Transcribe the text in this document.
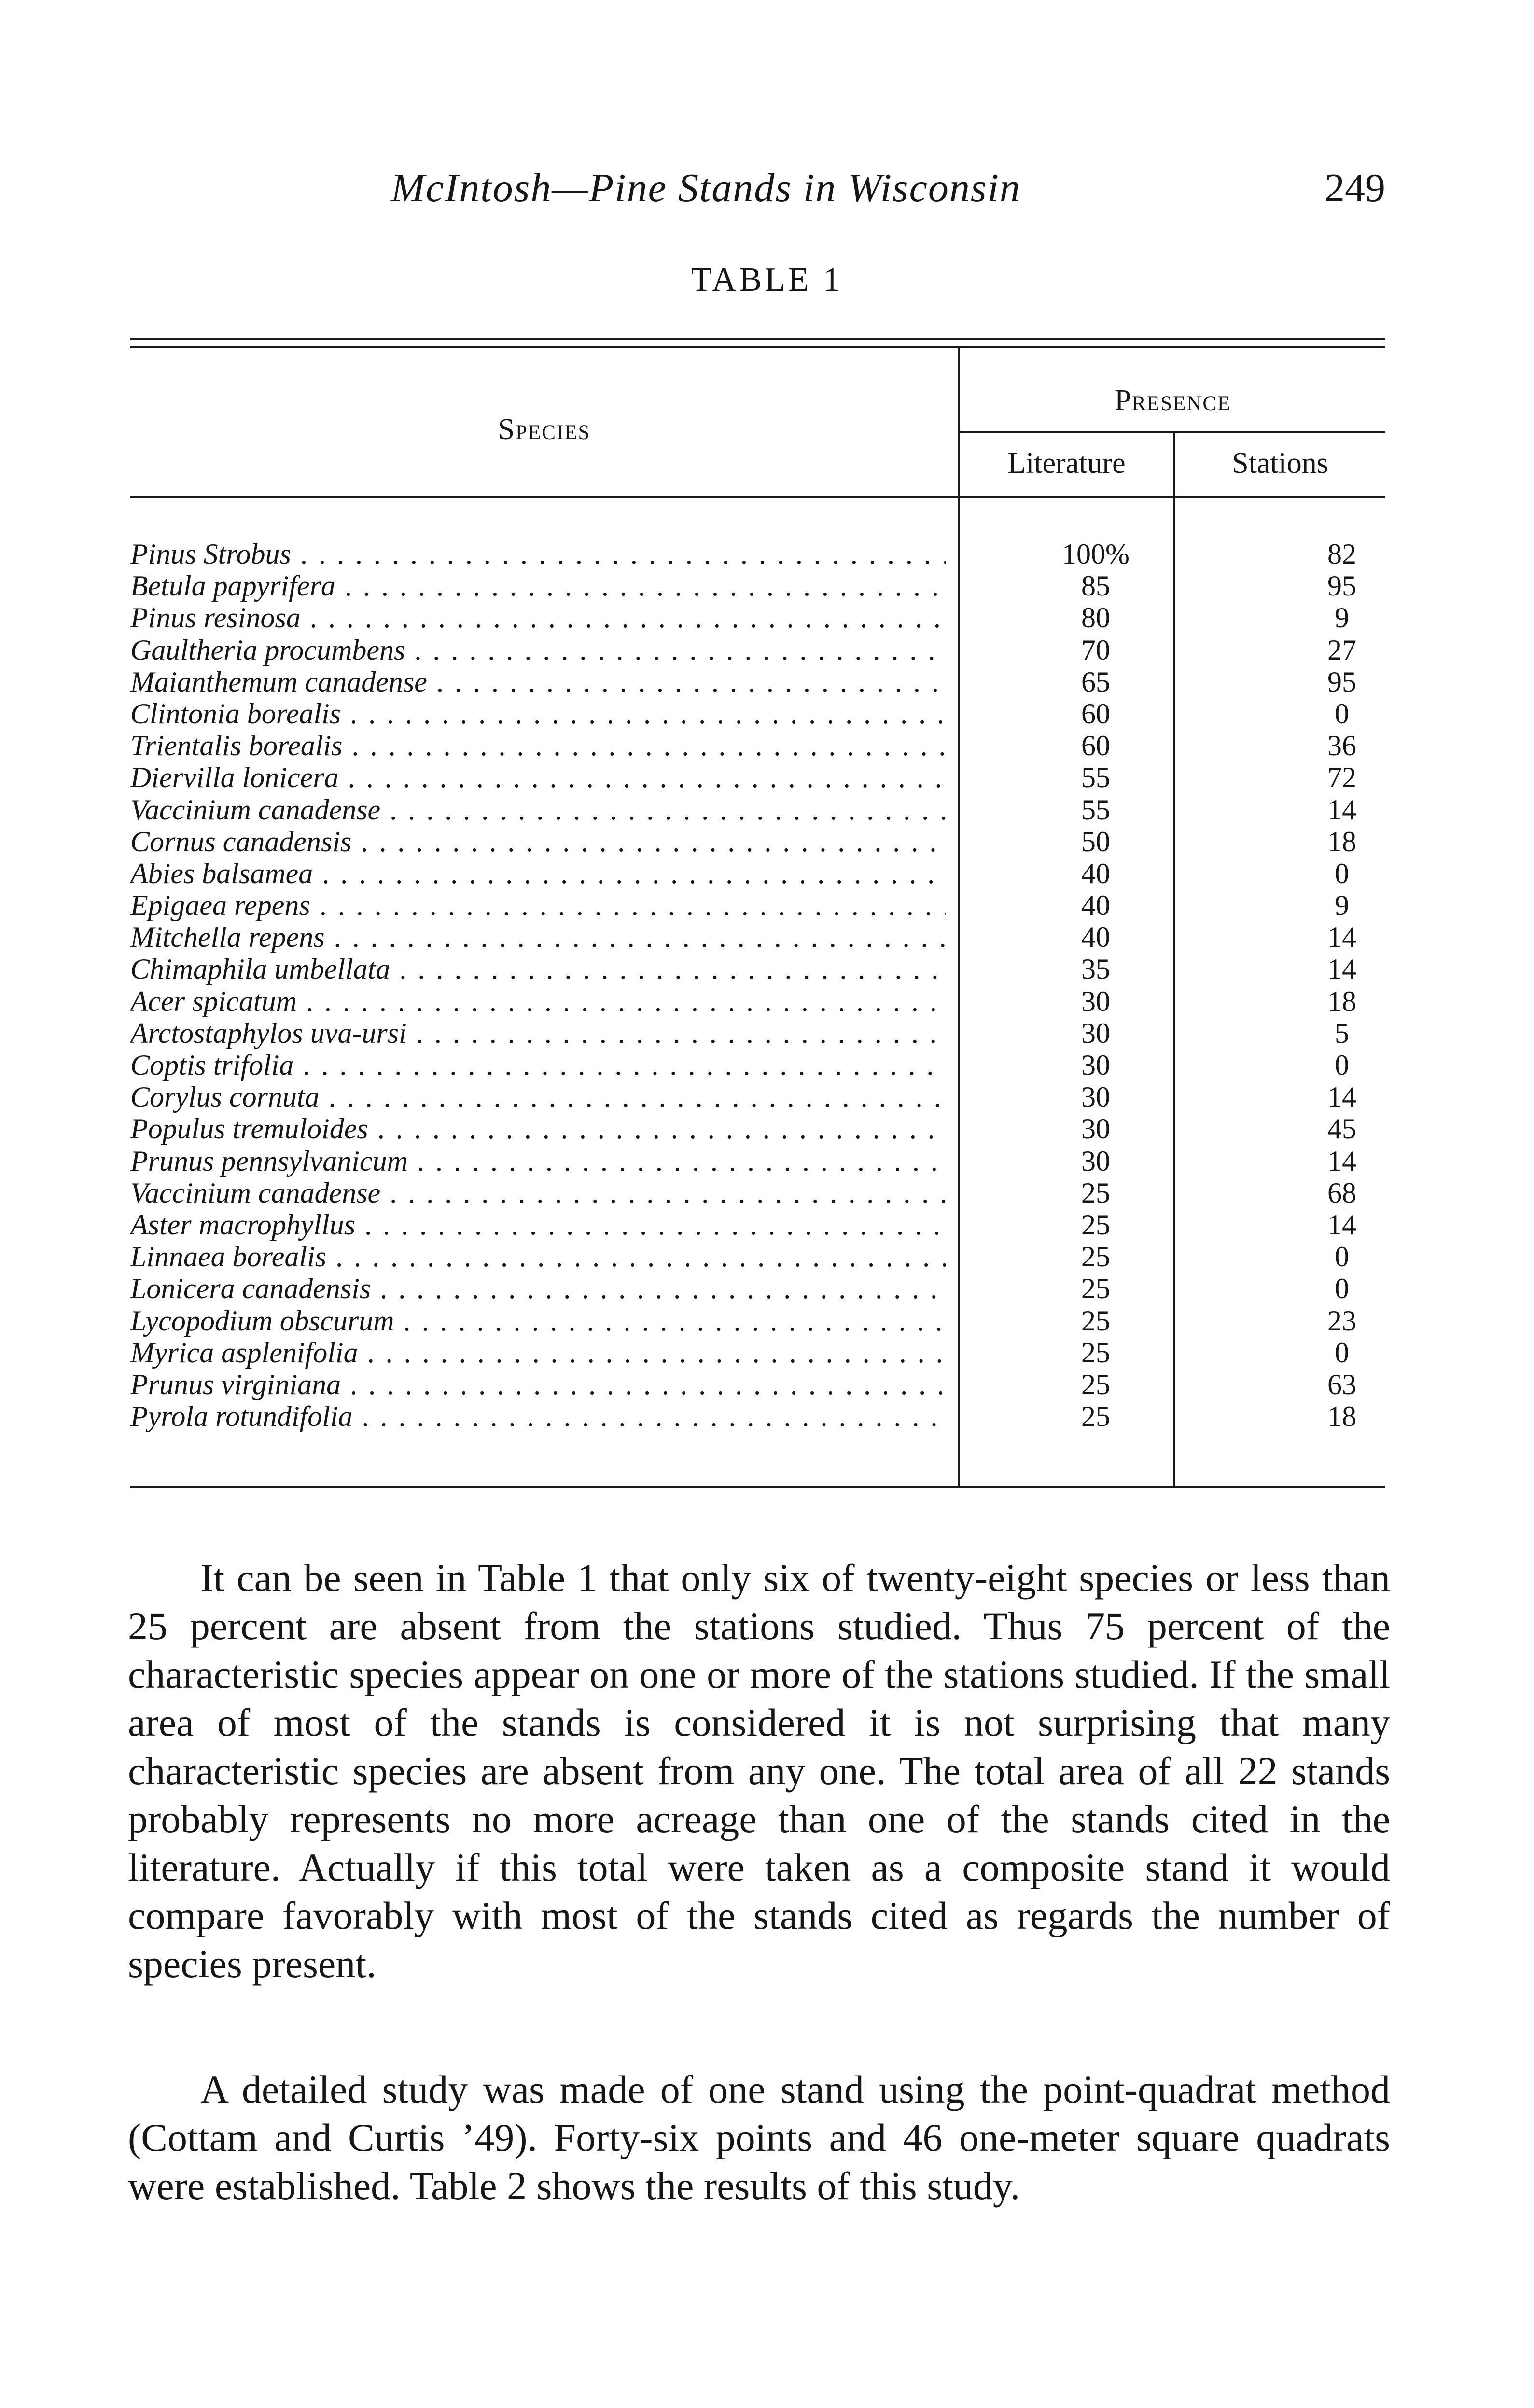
McIntosh—Pine Stands in Wisconsin	249
TABLE 1
Species
Presence
Literature	Stations
Pinus Strobus . . .	100%	82
Betula papyrifera . . .	85	95
Pinus resinosa . . .	80	9
Gaultheria procumbens . . .	70	27
Maianthemum canadense . . .	65	95
Clintonia borealis . . .	60	0
Trientalis borealis . . .	60	36
Diervilla lonicera . . .	55	72
Vaccinium canadense . . .	55	14
Cornus canadensis . . .	50	18
Abies balsamea . . .	40	0
Epigaea repens . . .	40	9
Mitchella repens . . .	40	14
Chimaphila umbellata . . .	35	14
Acer spicatum . . .	30	18
Arctostaphylos uva-ursi . . .	30	5
Coptis trifolia . . .	30	0
Corylus cornuta . . .	30	14
Populus tremuloides . . .	30	45
Prunus pennsylvanicum . . .	30	14
Vaccinium canadense . . .	25	68
Aster macrophyllus . . .	25	14
Linnaea borealis . . .	25	0
Lonicera canadensis . . .	25	0
Lycopodium obscurum . . .	25	23
Myrica asplenifolia . . .	25	0
Prunus virginiana . . .	25	63
Pyrola rotundifolia . . .	25	18

It can be seen in Table 1 that only six of twenty-eight species or less than 25 percent are absent from the stations studied. Thus 75 percent of the characteristic species appear on one or more of the stations studied. If the small area of most of the stands is considered it is not surprising that many characteristic species are absent from any one. The total area of all 22 stands probably represents no more acreage than one of the stands cited in the literature. Actually if this total were taken as a composite stand it would compare favorably with most of the stands cited as regards the number of species present.

A detailed study was made of one stand using the point-quadrat method (Cottam and Curtis ’49). Forty-six points and 46 one-meter square quadrats were established. Table 2 shows the results of this study.
